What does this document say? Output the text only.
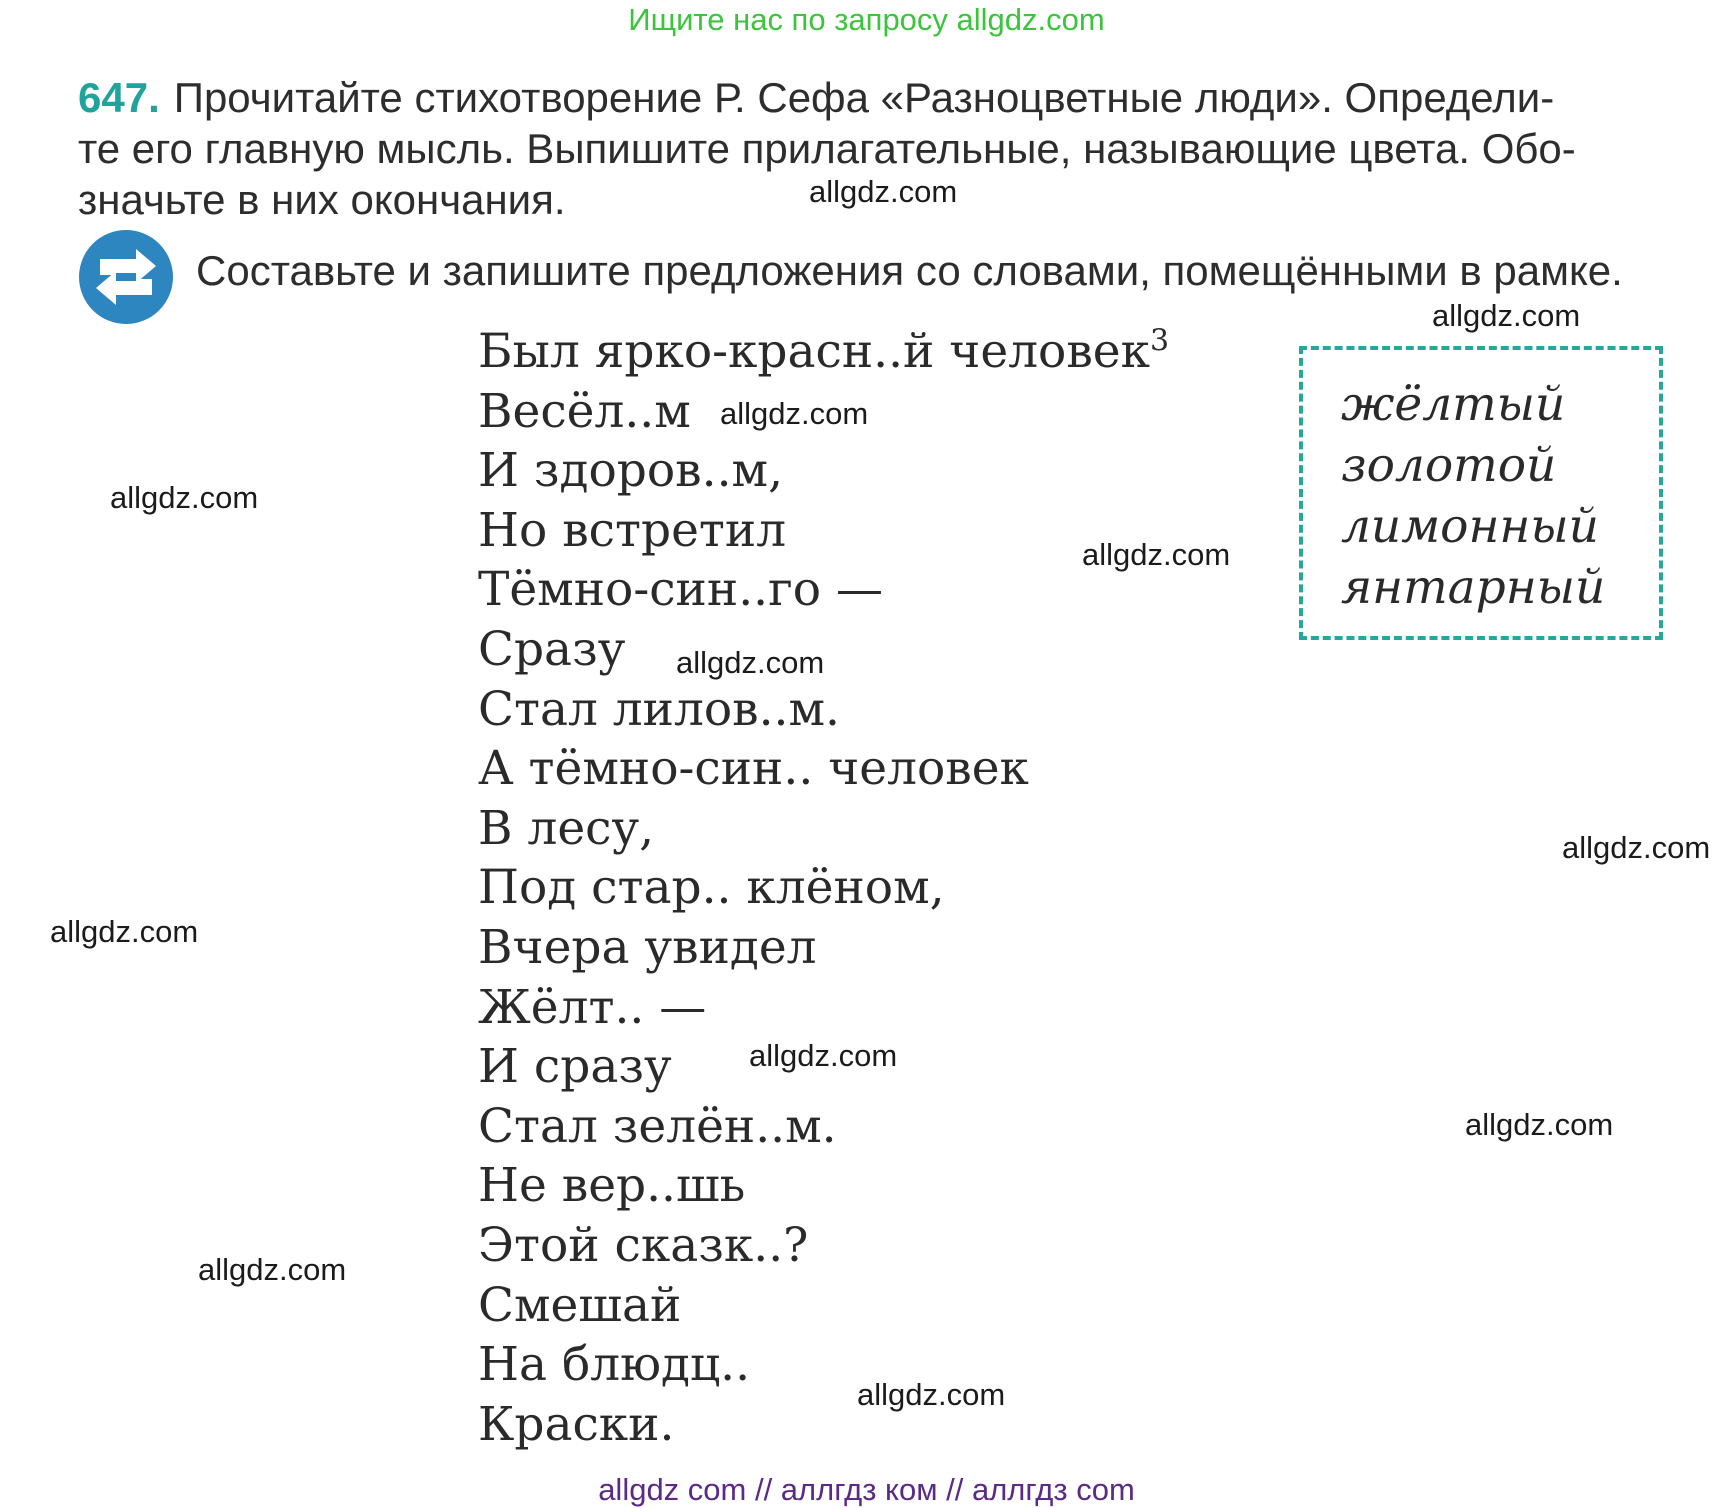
Ищите нас по запросу allgdz.com
647. Прочитайте стихотворение Р. Сефа «Разноцветные люди». Определи-
те его главную мысль. Выпишите прилагательные, называющие цвета. Обо-
значьте в них окончания.
Составьте и запишите предложения со словами, помещёнными в рамке.
Был ярко-красн..й человек$^3$
Весёл..м
И здоров..м,
Но встретил
Тёмно-син..го —
Сразу
Стал лилов..м.
А тёмно-син.. человек
В лесу,
Под стар.. клёном,
Вчера увидел
Жёлт.. —
И сразу
Стал зелён..м.
Не вер..шь
Этой сказк..?
Смешай
На блюдц..
Краски.
жёлтый
золотой
лимонный
янтарный
allgdz.com
allgdz.com
allgdz.com
allgdz.com
allgdz.com
allgdz.com
allgdz.com
allgdz.com
allgdz.com
allgdz.com
allgdz.com
allgdz.com
allgdz com // аллгдз ком // аллгдз com
